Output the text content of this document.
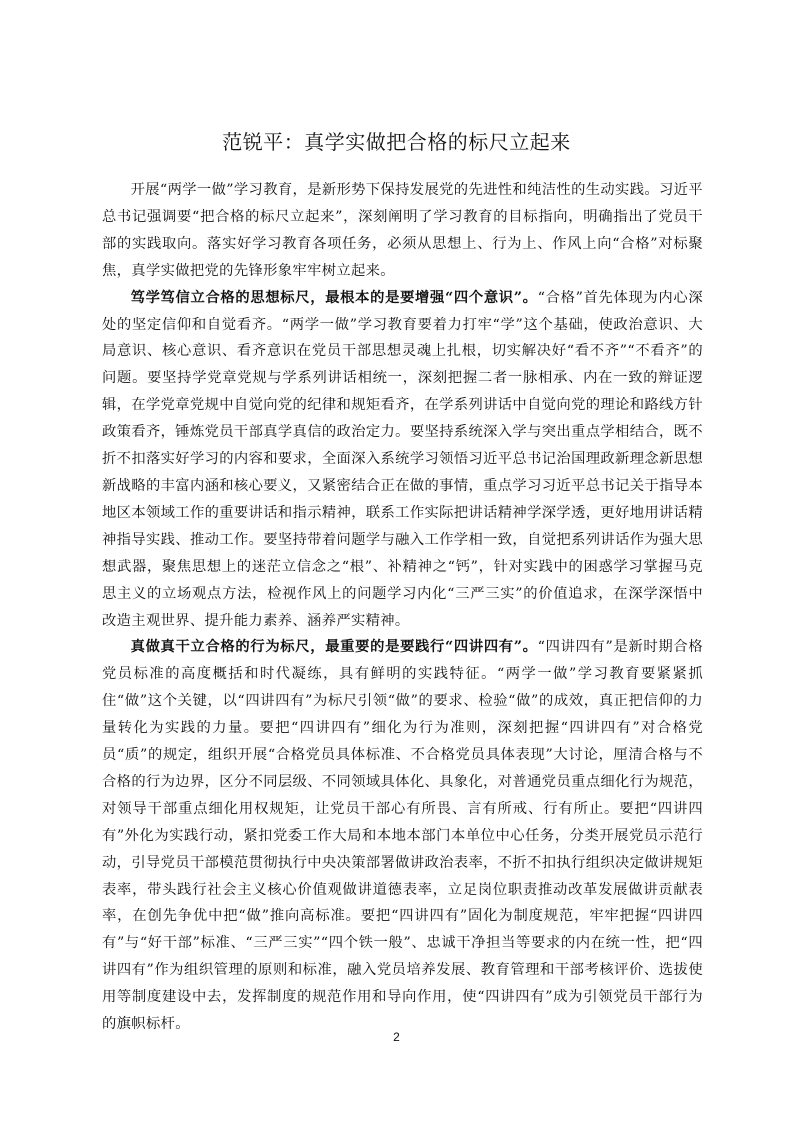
范锐平：真学实做把合格的标尺立起来

开展“两学一做”学习教育，是新形势下保持发展党的先进性和纯洁性的生动实践。习近平总书记强调要“把合格的标尺立起来”，深刻阐明了学习教育的目标指向，明确指出了党员干部的实践取向。落实好学习教育各项任务，必须从思想上、行为上、作风上向“合格”对标聚焦，真学实做把党的先锋形象牢牢树立起来。

笃学笃信立合格的思想标尺，最根本的是要增强“四个意识”。“合格”首先体现为内心深处的坚定信仰和自觉看齐。“两学一做”学习教育要着力打牢“学”这个基础，使政治意识、大局意识、核心意识、看齐意识在党员干部思想灵魂上扎根，切实解决好“看不齐”“不看齐”的问题。要坚持学党章党规与学系列讲话相统一，深刻把握二者一脉相承、内在一致的辩证逻辑，在学党章党规中自觉向党的纪律和规矩看齐，在学系列讲话中自觉向党的理论和路线方针政策看齐，锤炼党员干部真学真信的政治定力。要坚持系统深入学与突出重点学相结合，既不折不扣落实好学习的内容和要求，全面深入系统学习领悟习近平总书记治国理政新理念新思想新战略的丰富内涵和核心要义，又紧密结合正在做的事情，重点学习习近平总书记关于指导本地区本领域工作的重要讲话和指示精神，联系工作实际把讲话精神学深学透，更好地用讲话精神指导实践、推动工作。要坚持带着问题学与融入工作学相一致，自觉把系列讲话作为强大思想武器，聚焦思想上的迷茫立信念之“根”、补精神之“钙”，针对实践中的困惑学习掌握马克思主义的立场观点方法，检视作风上的问题学习内化“三严三实”的价值追求，在深学深悟中改造主观世界、提升能力素养、涵养严实精神。

真做真干立合格的行为标尺，最重要的是要践行“四讲四有”。“四讲四有”是新时期合格党员标准的高度概括和时代凝练，具有鲜明的实践特征。“两学一做”学习教育要紧紧抓住“做”这个关键，以“四讲四有”为标尺引领“做”的要求、检验“做”的成效，真正把信仰的力量转化为实践的力量。要把“四讲四有”细化为行为准则，深刻把握“四讲四有”对合格党员“质”的规定，组织开展“合格党员具体标准、不合格党员具体表现”大讨论，厘清合格与不合格的行为边界，区分不同层级、不同领域具体化、具象化，对普通党员重点细化行为规范，对领导干部重点细化用权规矩，让党员干部心有所畏、言有所戒、行有所止。要把“四讲四有”外化为实践行动，紧扣党委工作大局和本地本部门本单位中心任务，分类开展党员示范行动，引导党员干部模范贯彻执行中央决策部署做讲政治表率，不折不扣执行组织决定做讲规矩表率，带头践行社会主义核心价值观做讲道德表率，立足岗位职责推动改革发展做讲贡献表率，在创先争优中把“做”推向高标准。要把“四讲四有”固化为制度规范，牢牢把握“四讲四有”与“好干部”标准、“三严三实”“四个铁一般”、忠诚干净担当等要求的内在统一性，把“四讲四有”作为组织管理的原则和标准，融入党员培养发展、教育管理和干部考核评价、选拔使用等制度建设中去，发挥制度的规范作用和导向作用，使“四讲四有”成为引领党员干部行为的旗帜标杆。

2
